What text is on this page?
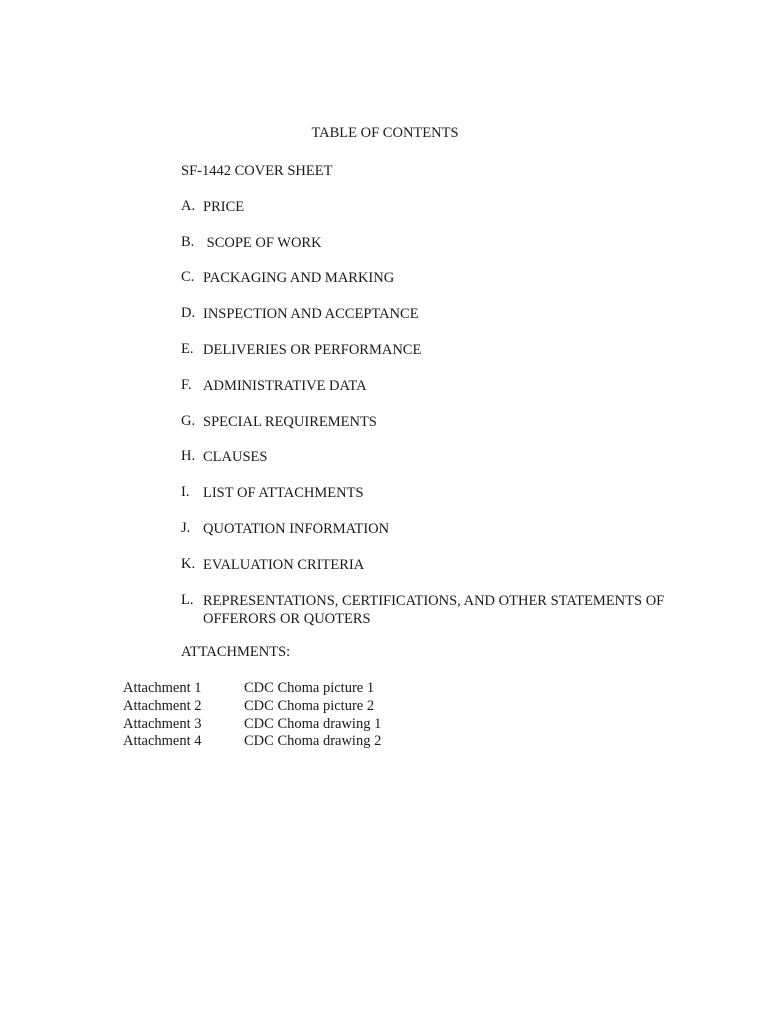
TABLE OF CONTENTS
SF-1442 COVER SHEET
A. PRICE
B. SCOPE OF WORK
C. PACKAGING AND MARKING
D. INSPECTION AND ACCEPTANCE
E. DELIVERIES OR PERFORMANCE
F. ADMINISTRATIVE DATA
G. SPECIAL REQUIREMENTS
H. CLAUSES
I. LIST OF ATTACHMENTS
J. QUOTATION INFORMATION
K. EVALUATION CRITERIA
L. REPRESENTATIONS, CERTIFICATIONS, AND OTHER STATEMENTS OF OFFERORS OR QUOTERS
ATTACHMENTS:
Attachment 1	CDC Choma picture 1
Attachment 2	CDC Choma picture 2
Attachment 3	CDC Choma drawing 1
Attachment 4	CDC Choma drawing 2
